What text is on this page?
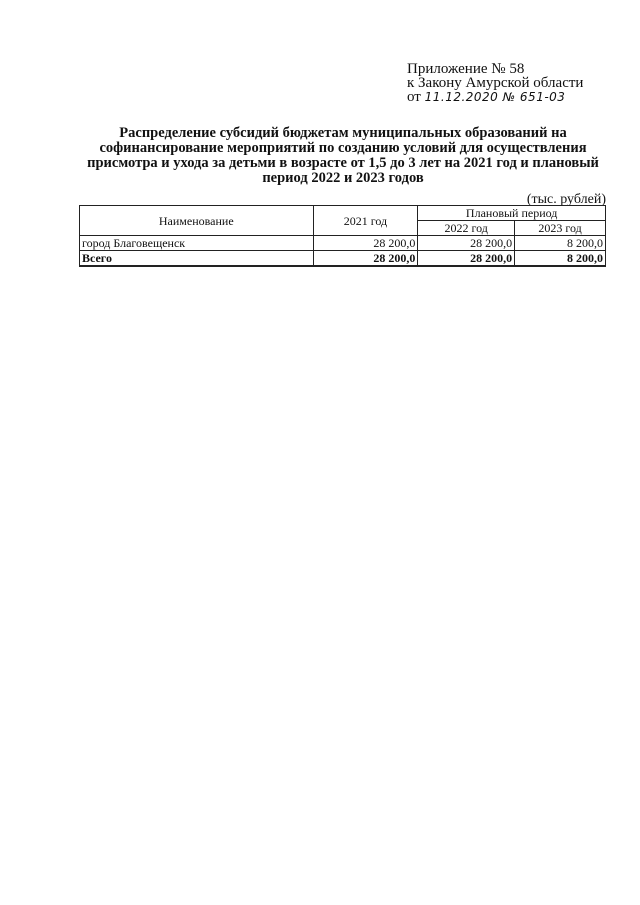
Приложение № 58
к Закону Амурской области
от 11.12.2020 № 651-03
Распределение субсидий бюджетам муниципальных образований на софинансирование мероприятий по созданию условий для осуществления присмотра и ухода за детьми в возрасте от 1,5 до 3 лет на 2021 год и плановый период 2022 и 2023 годов
(тыс. рублей)
Наименование	2021 год	Плановый период	
		2022 год	2023 год
город Благовещенск	28 200,0	28 200,0	8 200,0
Всего	28 200,0	28 200,0	8 200,0
